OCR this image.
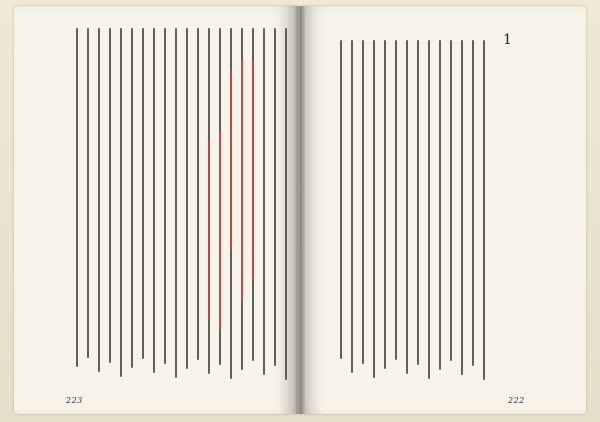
1
223	222
